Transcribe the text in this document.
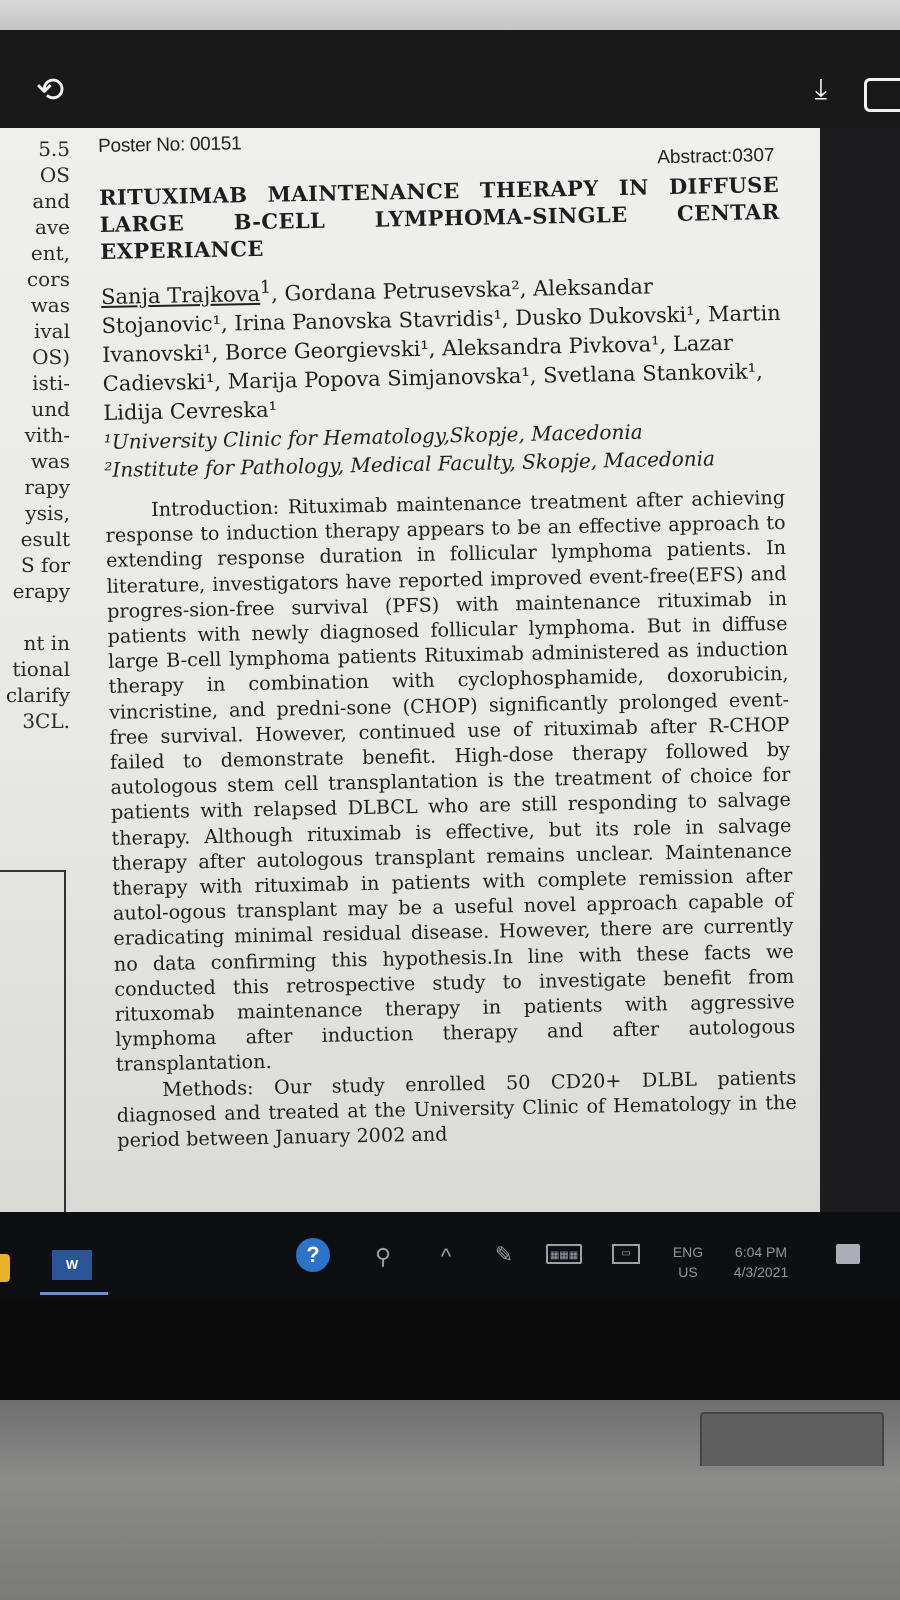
⟲	⤓
5.5
OS
and
ave
ent,
cors
was
ival
OS)
isti-
und
vith-
was
rapy
ysis,
esult
S for
erapy

nt in
tional
clarify
3CL.
Poster No: 00151	Abstract:0307
RITUXIMAB MAINTENANCE THERAPY IN DIFFUSE LARGE B-CELL LYMPHOMA-SINGLE CENTAR EXPERIANCE
Sanja Trajkova$^1$, Gordana Petrusevska², Aleksandar Stojanovic¹, Irina Panovska Stavridis¹, Dusko Dukovski¹, Martin Ivanovski¹, Borce Georgievski¹, Aleksandra Pivkova¹, Lazar Cadievski¹, Marija Popova Simjanovska¹, Svetlana Stankovik¹, Lidija Cevreska¹
¹University Clinic for Hematology,Skopje, Macedonia
²Institute for Pathology, Medical Faculty, Skopje, Macedonia

Introduction: Rituximab maintenance treatment after achieving response to induction therapy appears to be an effective approach to extending response duration in follicular lymphoma patients. In literature, investigators have reported improved event-free(EFS) and progres-sion-free survival (PFS) with maintenance rituximab in patients with newly diagnosed follicular lymphoma. But in diffuse large B-cell lymphoma patients Rituximab administered as induction therapy in combination with cyclophosphamide, doxorubicin, vincristine, and predni-sone (CHOP) significantly prolonged event-free survival. However, continued use of rituximab after R-CHOP failed to demonstrate benefit. High-dose therapy followed by autologous stem cell transplantation is the treatment of choice for patients with relapsed DLBCL who are still responding to salvage therapy. Although rituximab is effective, but its role in salvage therapy after autologous transplant remains unclear. Maintenance therapy with rituximab in patients with complete remission after autol-ogous transplant may be a useful novel approach capable of eradicating minimal residual disease. However, there are currently no data confirming this hypothesis.In line with these facts we conducted this retrospective study to investigate benefit from rituxomab maintenance therapy in patients with aggressive lymphoma after induction therapy and after autologous transplantation.

Methods: Our study enrolled 50 CD20+ DLBL patients diagnosed and treated at the University Clinic of Hematology in the period between January 2002 and

W	?	⚲	^	✎	▦▦▦	▭	ENG
US
6:04 PM
4/3/2021
